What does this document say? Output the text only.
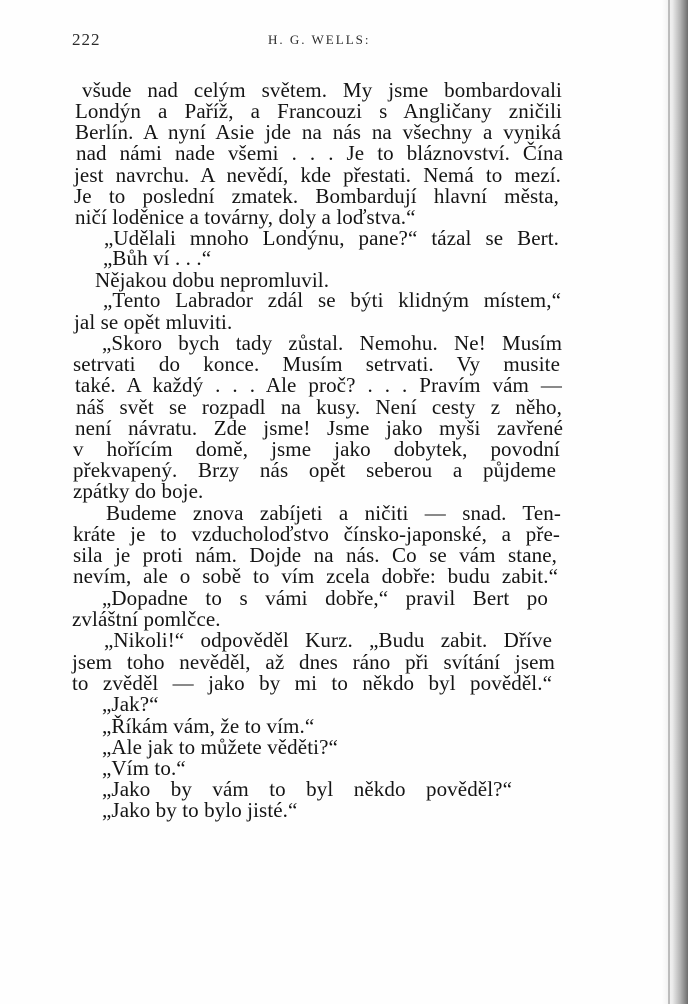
222	H. G. WELLS:
všude nad celým světem. My jsme bombardovali
Londýn a Paříž, a Francouzi s Angličany zničili
Berlín. A nyní Asie jde na nás na všechny a vyniká
nad námi nade všemi . . . Je to bláznovství. Čína
jest navrchu. A nevědí, kde přestati. Nemá to mezí.
Je to poslední zmatek. Bombardují hlavní města,
ničí loděnice a továrny, doly a loďstva.“
„Udělali mnoho Londýnu, pane?“ tázal se Bert.
„Bůh ví . . .“
Nějakou dobu nepromluvil.
„Tento Labrador zdál se býti klidným místem,“
jal se opět mluviti.
„Skoro bych tady zůstal. Nemohu. Ne! Musím
setrvati do konce. Musím setrvati. Vy musite
také. A každý . . . Ale proč? . . . Pravím vám —
náš svět se rozpadl na kusy. Není cesty z něho,
není návratu. Zde jsme! Jsme jako myši zavřené
v hořícím domě, jsme jako dobytek, povodní
překvapený. Brzy nás opět seberou a půjdeme
zpátky do boje.
Budeme znova zabíjeti a ničiti — snad. Ten-
kráte je to vzducholoďstvo čínsko-japonské, a pře-
sila je proti nám. Dojde na nás. Co se vám stane,
nevím, ale o sobě to vím zcela dobře: budu zabit.“
„Dopadne to s vámi dobře,“ pravil Bert po
zvláštní pomlčce.
„Nikoli!“ odpověděl Kurz. „Budu zabit. Dříve
jsem toho nevěděl, až dnes ráno při svítání jsem
to zvěděl — jako by mi to někdo byl pověděl.“
„Jak?“
„Říkám vám, že to vím.“
„Ale jak to můžete věděti?“
„Vím to.“
„Jako by vám to byl někdo pověděl?“
„Jako by to bylo jisté.“
